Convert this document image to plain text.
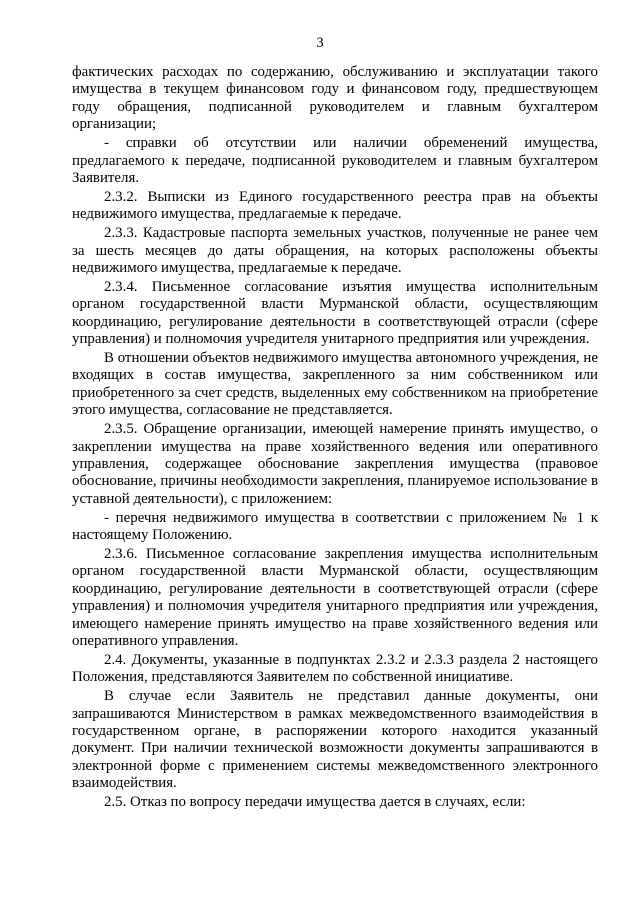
3

фактических расходах по содержанию, обслуживанию и эксплуатации такого имущества в текущем финансовом году и финансовом году, предшествующем году обращения, подписанной руководителем и главным бухгалтером организации;

- справки об отсутствии или наличии обременений имущества, предлагаемого к передаче, подписанной руководителем и главным бухгалтером Заявителя.

2.3.2. Выписки из Единого государственного реестра прав на объекты недвижимого имущества, предлагаемые к передаче.

2.3.3. Кадастровые паспорта земельных участков, полученные не ранее чем за шесть месяцев до даты обращения, на которых расположены объекты недвижимого имущества, предлагаемые к передаче.

2.3.4. Письменное согласование изъятия имущества исполнительным органом государственной власти Мурманской области, осуществляющим координацию, регулирование деятельности в соответствующей отрасли (сфере управления) и полномочия учредителя унитарного предприятия или учреждения.

В отношении объектов недвижимого имущества автономного учреждения, не входящих в состав имущества, закрепленного за ним собственником или приобретенного за счет средств, выделенных ему собственником на приобретение этого имущества, согласование не представляется.

2.3.5. Обращение организации, имеющей намерение принять имущество, о закреплении имущества на праве хозяйственного ведения или оперативного управления, содержащее обоснование закрепления имущества (правовое обоснование, причины необходимости закрепления, планируемое использование в уставной деятельности), с приложением:

- перечня недвижимого имущества в соответствии с приложением № 1 к настоящему Положению.

2.3.6. Письменное согласование закрепления имущества исполнительным органом государственной власти Мурманской области, осуществляющим координацию, регулирование деятельности в соответствующей отрасли (сфере управления) и полномочия учредителя унитарного предприятия или учреждения, имеющего намерение принять имущество на праве хозяйственного ведения или оперативного управления.

2.4. Документы, указанные в подпунктах 2.3.2 и 2.3.3 раздела 2 настоящего Положения, представляются Заявителем по собственной инициативе.

В случае если Заявитель не представил данные документы, они запрашиваются Министерством в рамках межведомственного взаимодействия в государственном органе, в распоряжении которого находится указанный документ. При наличии технической возможности документы запрашиваются в электронной форме с применением системы межведомственного электронного взаимодействия.

2.5. Отказ по вопросу передачи имущества дается в случаях, если:
